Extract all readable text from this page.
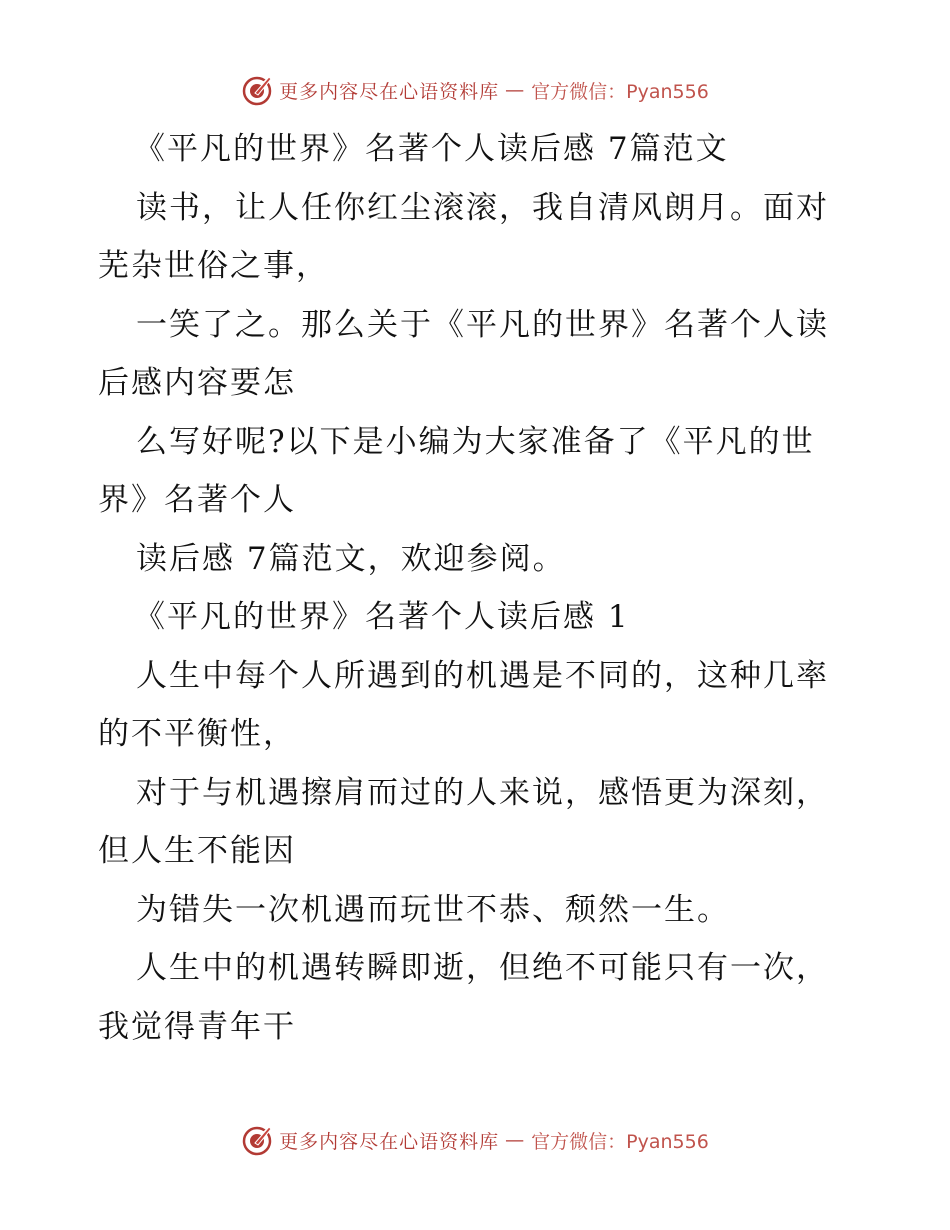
更多内容尽在心语资料库 — 官方微信：Pyan556
《平凡的世界》名著个人读后感 7篇范文
读书，让人任你红尘滚滚，我自清风朗月。面对
芜杂世俗之事，
一笑了之。那么关于《平凡的世界》名著个人读
后感内容要怎
么写好呢?以下是小编为大家准备了《平凡的世
界》名著个人
读后感 7篇范文，欢迎参阅。
《平凡的世界》名著个人读后感 1
人生中每个人所遇到的机遇是不同的，这种几率
的不平衡性，
对于与机遇擦肩而过的人来说，感悟更为深刻，
但人生不能因
为错失一次机遇而玩世不恭、颓然一生。
人生中的机遇转瞬即逝，但绝不可能只有一次，
我觉得青年干
更多内容尽在心语资料库 — 官方微信：Pyan556
